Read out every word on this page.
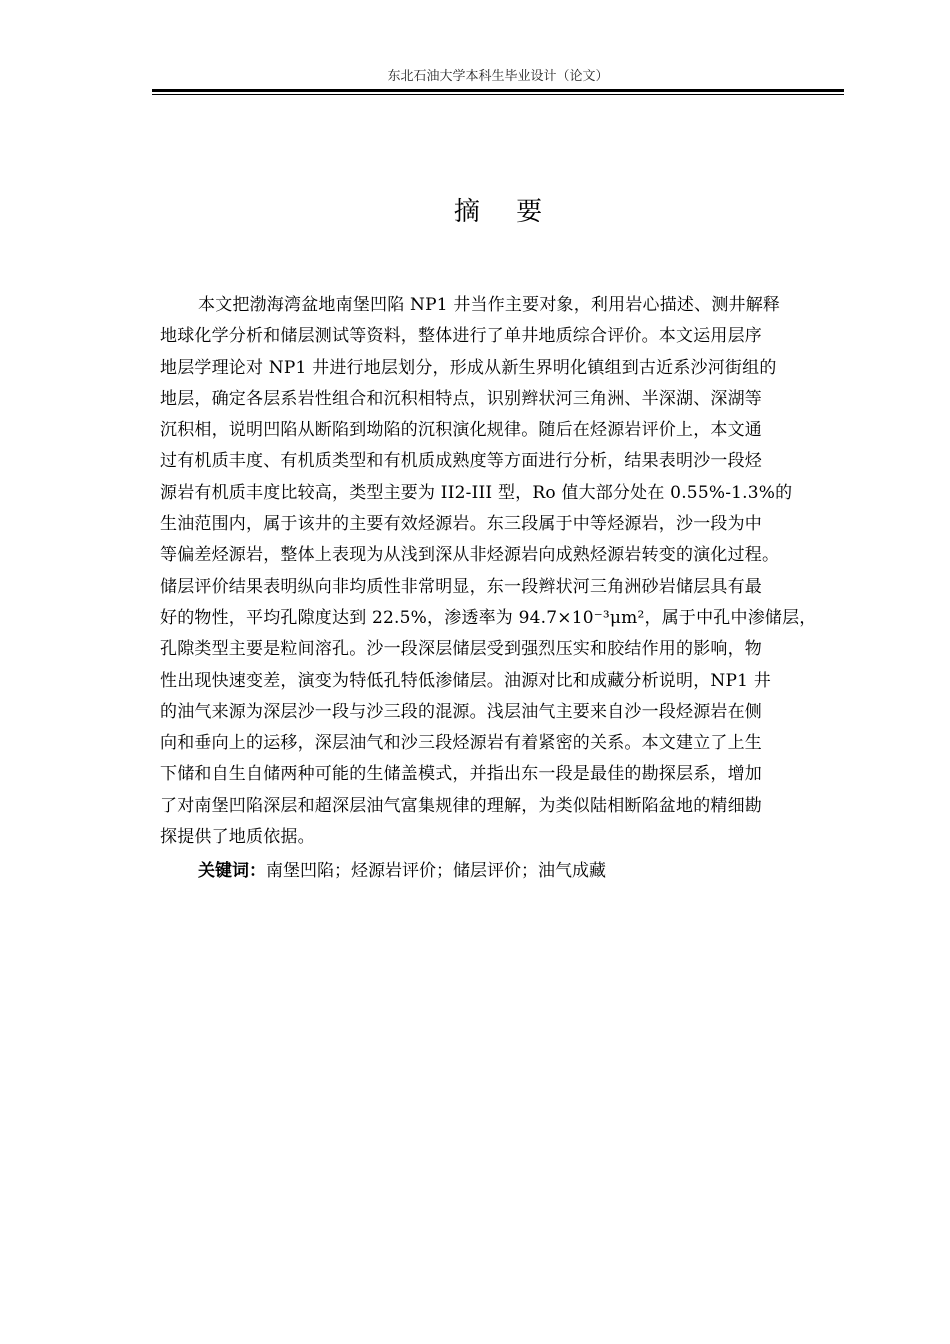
东北石油大学本科生毕业设计（论文）
摘 要
本文把渤海湾盆地南堡凹陷 NP1 井当作主要对象，利用岩心描述、测井解释
地球化学分析和储层测试等资料，整体进行了单井地质综合评价。本文运用层序
地层学理论对 NP1 井进行地层划分，形成从新生界明化镇组到古近系沙河街组的
地层，确定各层系岩性组合和沉积相特点，识别辫状河三角洲、半深湖、深湖等
沉积相，说明凹陷从断陷到坳陷的沉积演化规律。随后在烃源岩评价上，本文通
过有机质丰度、有机质类型和有机质成熟度等方面进行分析，结果表明沙一段烃
源岩有机质丰度比较高，类型主要为 II2-III 型，Ro 值大部分处在 0.55%-1.3%的
生油范围内，属于该井的主要有效烃源岩。东三段属于中等烃源岩，沙一段为中
等偏差烃源岩，整体上表现为从浅到深从非烃源岩向成熟烃源岩转变的演化过程。
储层评价结果表明纵向非均质性非常明显，东一段辫状河三角洲砂岩储层具有最
好的物性，平均孔隙度达到 22.5%，渗透率为 94.7×10⁻³μm²，属于中孔中渗储层，
孔隙类型主要是粒间溶孔。沙一段深层储层受到强烈压实和胶结作用的影响，物
性出现快速变差，演变为特低孔特低渗储层。油源对比和成藏分析说明，NP1 井
的油气来源为深层沙一段与沙三段的混源。浅层油气主要来自沙一段烃源岩在侧
向和垂向上的运移，深层油气和沙三段烃源岩有着紧密的关系。本文建立了上生
下储和自生自储两种可能的生储盖模式，并指出东一段是最佳的勘探层系，增加
了对南堡凹陷深层和超深层油气富集规律的理解，为类似陆相断陷盆地的精细勘
探提供了地质依据。
关键词：南堡凹陷；烃源岩评价；储层评价；油气成藏
